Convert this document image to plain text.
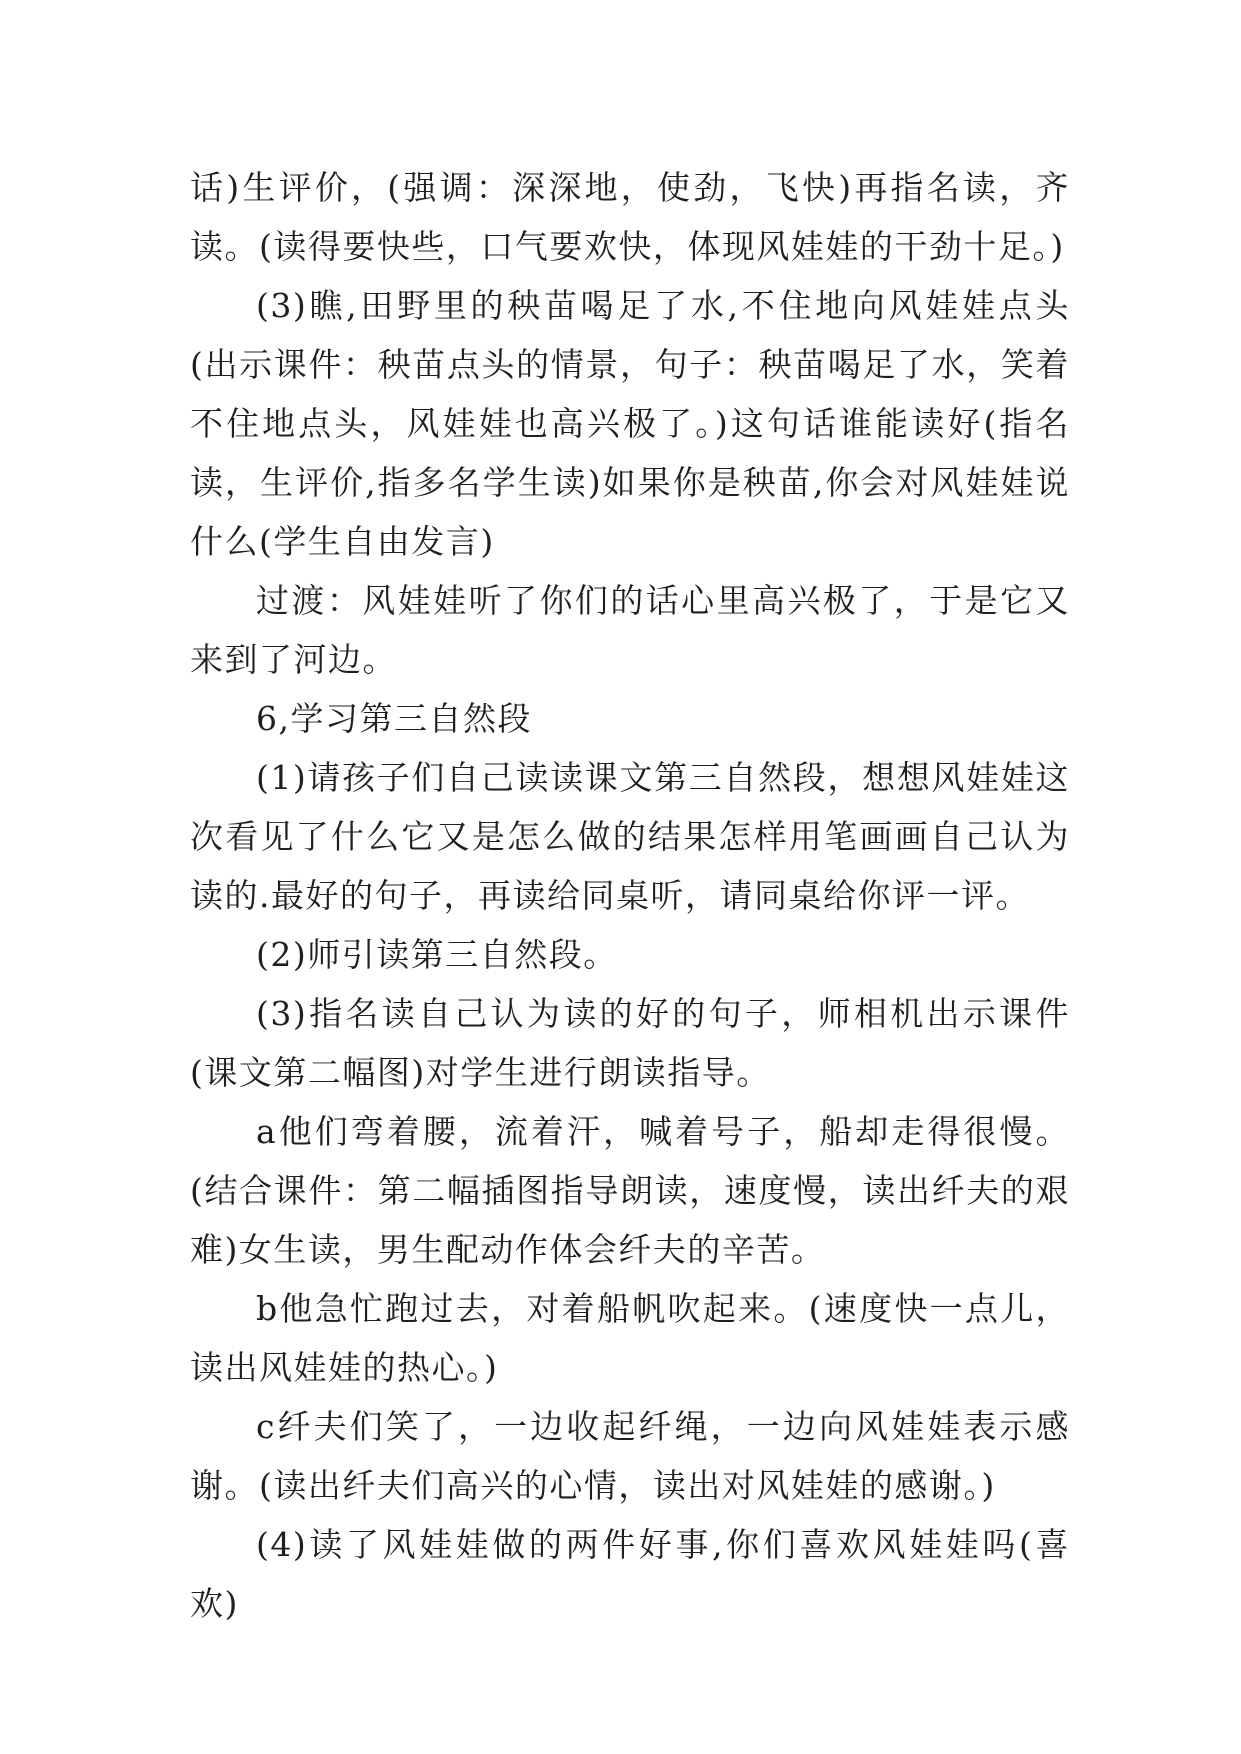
话)生评价，(强调：深深地，使劲，飞快)再指名读，齐读。(读得要快些，口气要欢快，体现风娃娃的干劲十足。)

(3)瞧,田野里的秧苗喝足了水,不住地向风娃娃点头(出示课件：秧苗点头的情景，句子：秧苗喝足了水，笑着不住地点头，风娃娃也高兴极了。)这句话谁能读好(指名读，生评价,指多名学生读)如果你是秧苗,你会对风娃娃说什么(学生自由发言)

过渡：风娃娃听了你们的话心里高兴极了，于是它又来到了河边。

6,学习第三自然段

(1)请孩子们自己读读课文第三自然段，想想风娃娃这次看见了什么它又是怎么做的结果怎样用笔画画自己认为读的.最好的句子，再读给同桌听，请同桌给你评一评。

(2)师引读第三自然段。

(3)指名读自己认为读的好的句子，师相机出示课件(课文第二幅图)对学生进行朗读指导。

a他们弯着腰，流着汗，喊着号子，船却走得很慢。(结合课件：第二幅插图指导朗读，速度慢，读出纤夫的艰难)女生读，男生配动作体会纤夫的辛苦。

b他急忙跑过去，对着船帆吹起来。(速度快一点儿，读出风娃娃的热心。)

c纤夫们笑了，一边收起纤绳，一边向风娃娃表示感谢。(读出纤夫们高兴的心情，读出对风娃娃的感谢。)

(4)读了风娃娃做的两件好事,你们喜欢风娃娃吗(喜欢)
